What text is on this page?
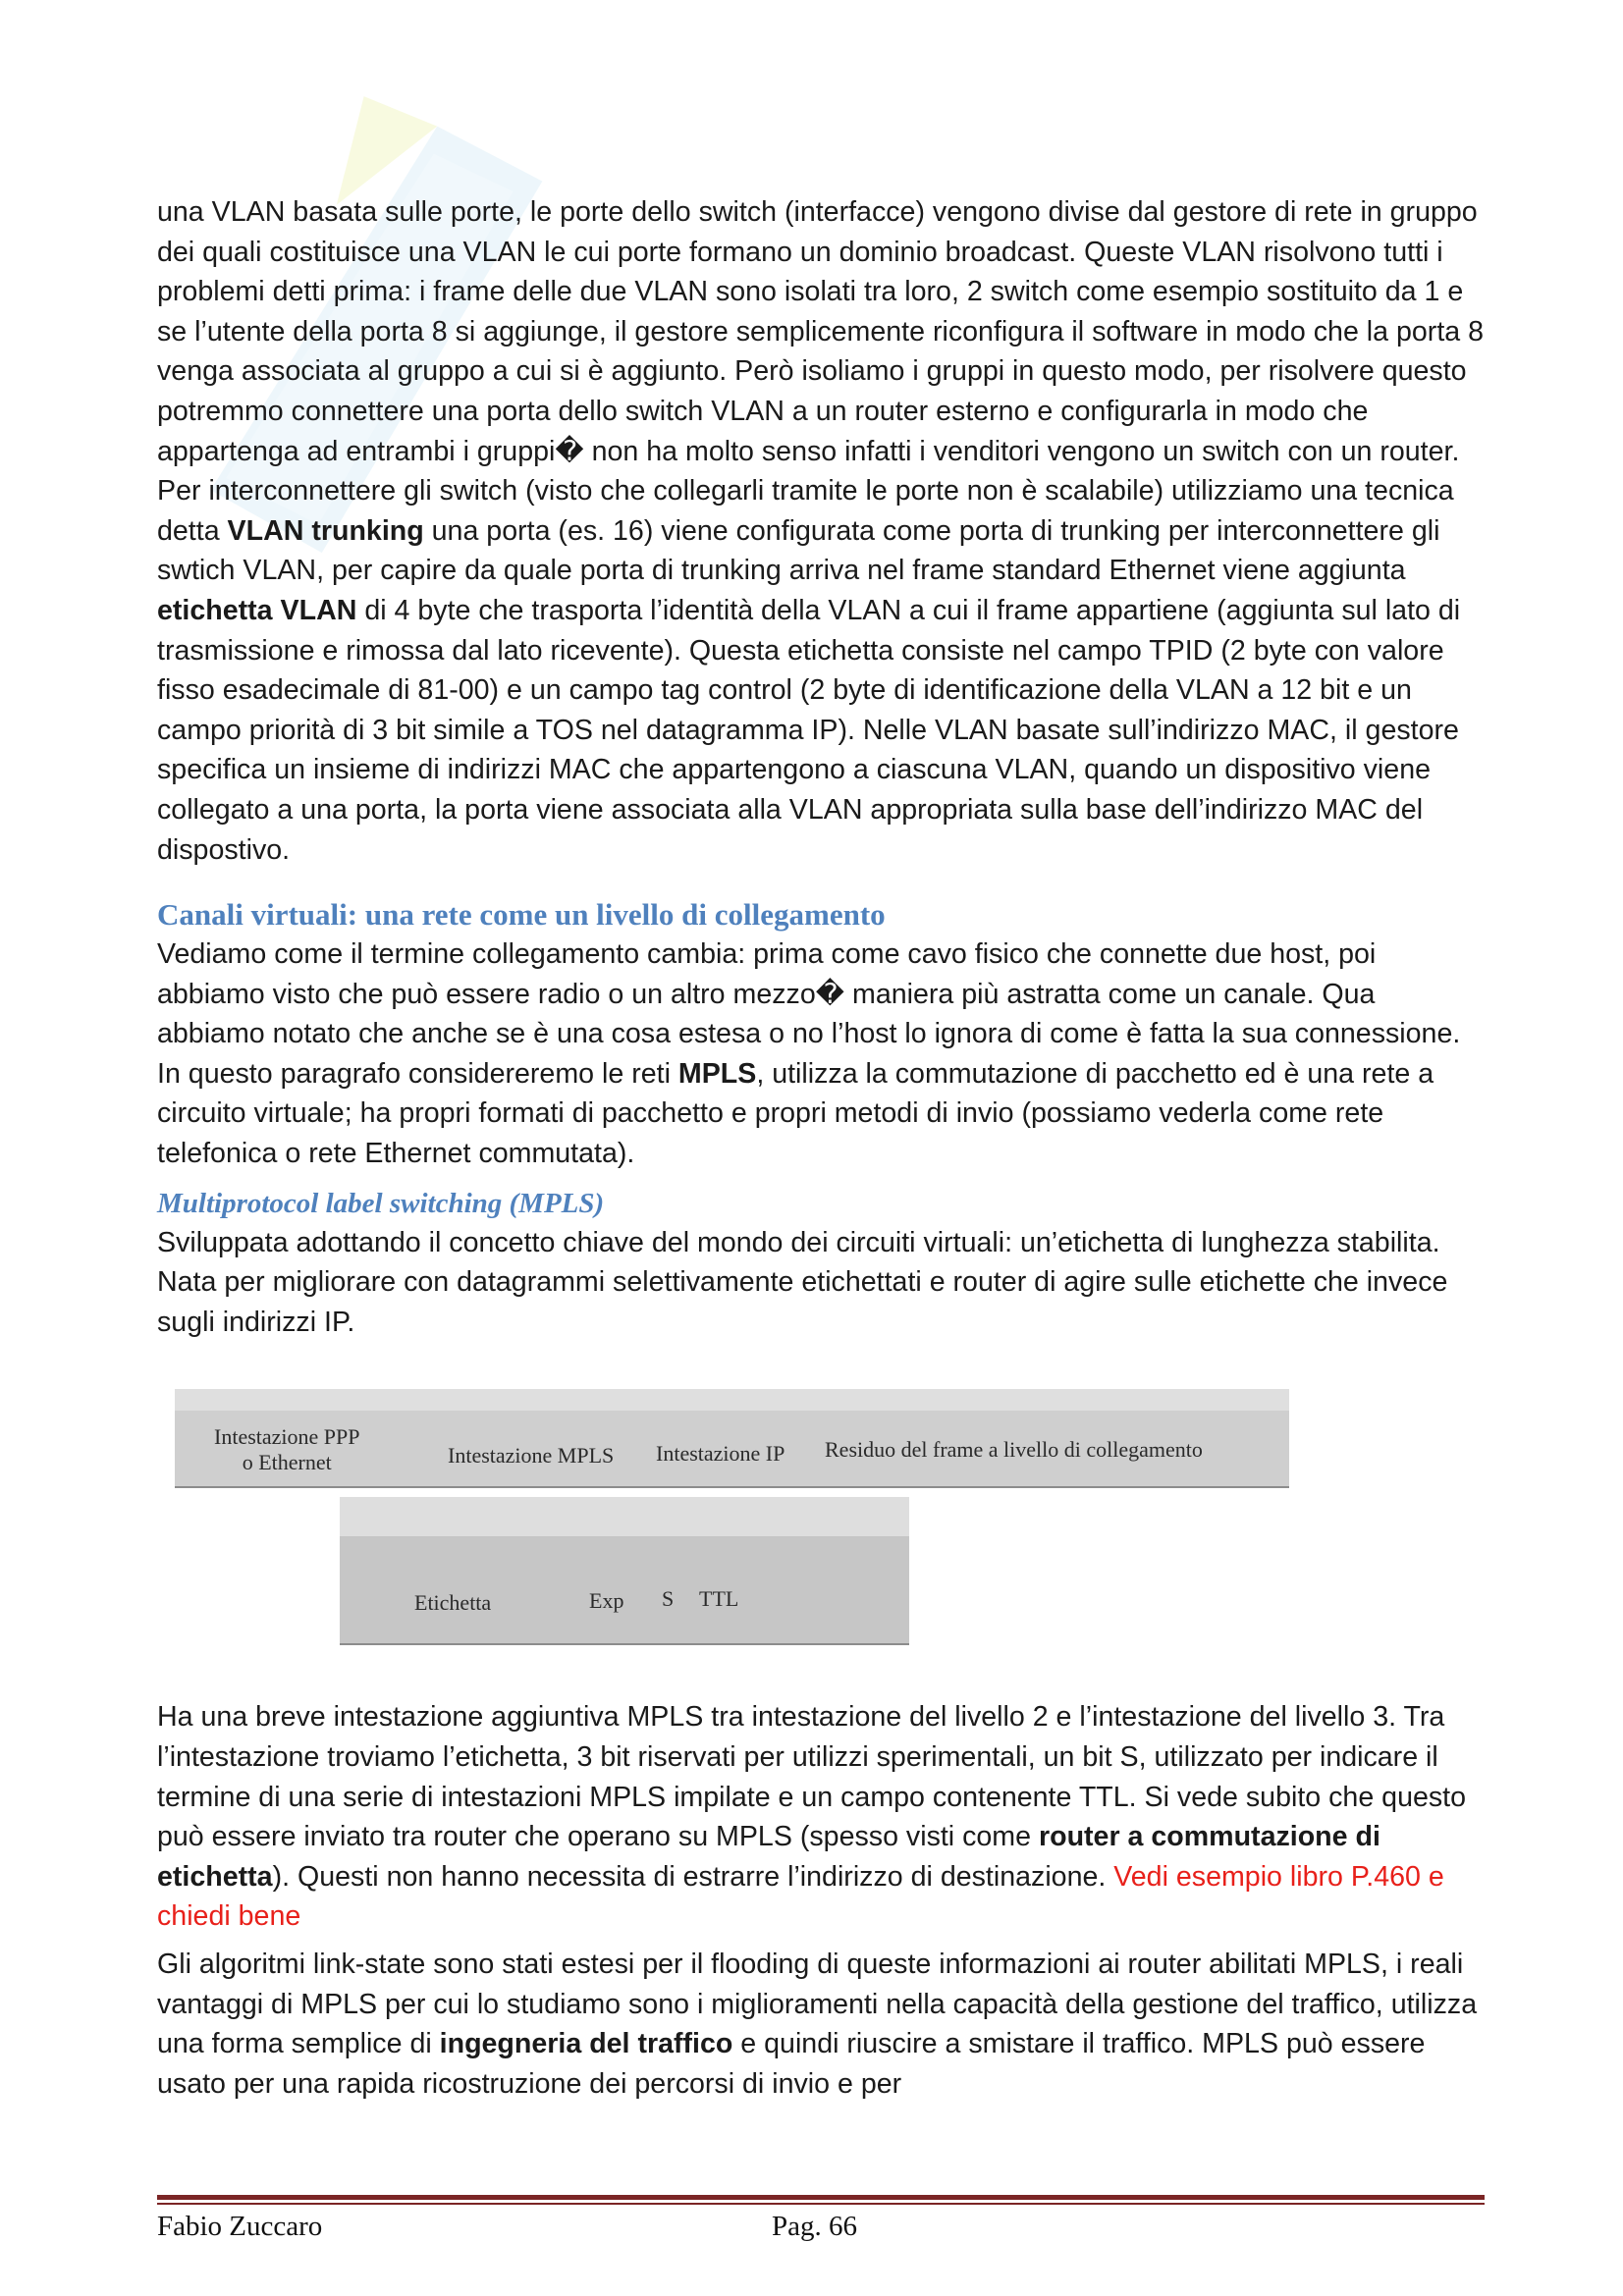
una VLAN basata sulle porte, le porte dello switch (interfacce) vengono divise dal gestore di rete in gruppo dei quali costituisce una VLAN le cui porte formano un dominio broadcast. Queste VLAN risolvono tutti i problemi detti prima: i frame delle due VLAN sono isolati tra loro, 2 switch come esempio sostituito da 1 e se l’utente della porta 8 si aggiunge, il gestore semplicemente riconfigura il software in modo che la porta 8 venga associata al gruppo a cui si è aggiunto. Però isoliamo i gruppi in questo modo, per risolvere questo potremmo connettere una porta dello switch VLAN a un router esterno e configurarla in modo che appartenga ad entrambi i gruppi� non ha molto senso infatti i venditori vengono un switch con un router. Per interconnettere gli switch (visto che collegarli tramite le porte non è scalabile) utilizziamo una tecnica detta VLAN trunking una porta (es. 16) viene configurata come porta di trunking per interconnettere gli swtich VLAN, per capire da quale porta di trunking arriva nel frame standard Ethernet viene aggiunta etichetta VLAN di 4 byte che trasporta l’identità della VLAN a cui il frame appartiene (aggiunta sul lato di trasmissione e rimossa dal lato ricevente). Questa etichetta consiste nel campo TPID (2 byte con valore fisso esadecimale di 81-00) e un campo tag control (2 byte di identificazione della VLAN a 12 bit e un campo priorità di 3 bit simile a TOS nel datagramma IP). Nelle VLAN basate sull’indirizzo MAC, il gestore specifica un insieme di indirizzi MAC che appartengono a ciascuna VLAN, quando un dispositivo viene collegato a una porta, la porta viene associata alla VLAN appropriata sulla base dell’indirizzo MAC del dispostivo.

Canali virtuali: una rete come un livello di collegamento

Vediamo come il termine collegamento cambia: prima come cavo fisico che connette due host, poi abbiamo visto che può essere radio o un altro mezzo� maniera più astratta come un canale. Qua abbiamo notato che anche se è una cosa estesa o no l’host lo ignora di come è fatta la sua connessione. In questo paragrafo considereremo le reti MPLS, utilizza la commutazione di pacchetto ed è una rete a circuito virtuale; ha propri formati di pacchetto e propri metodi di invio (possiamo vederla come rete telefonica o rete Ethernet commutata).

Multiprotocol label switching (MPLS)

Sviluppata adottando il concetto chiave del mondo dei circuiti virtuali: un’etichetta di lunghezza stabilita. Nata per migliorare con datagrammi selettivamente etichettati e router di agire sulle etichette che invece sugli indirizzi IP.

Intestazione PPP
o Ethernet	Intestazione MPLS Intestazione IP Residuo del frame a livello di collegamento
Etichetta	Exp S TTL

Ha una breve intestazione aggiuntiva MPLS tra intestazione del livello 2 e l’intestazione del livello 3. Tra l’intestazione troviamo l’etichetta, 3 bit riservati per utilizzi sperimentali, un bit S, utilizzato per indicare il termine di una serie di intestazioni MPLS impilate e un campo contenente TTL. Si vede subito che questo può essere inviato tra router che operano su MPLS (spesso visti come router a commutazione di etichetta). Questi non hanno necessita di estrarre l’indirizzo di destinazione. Vedi esempio libro P.460 e chiedi bene

Gli algoritmi link-state sono stati estesi per il flooding di queste informazioni ai router abilitati MPLS, i reali vantaggi di MPLS per cui lo studiamo sono i miglioramenti nella capacità della gestione del traffico, utilizza una forma semplice di ingegneria del traffico e quindi riuscire a smistare il traffico. MPLS può essere usato per una rapida ricostruzione dei percorsi di invio e per

Fabio Zuccaro	Pag. 66
